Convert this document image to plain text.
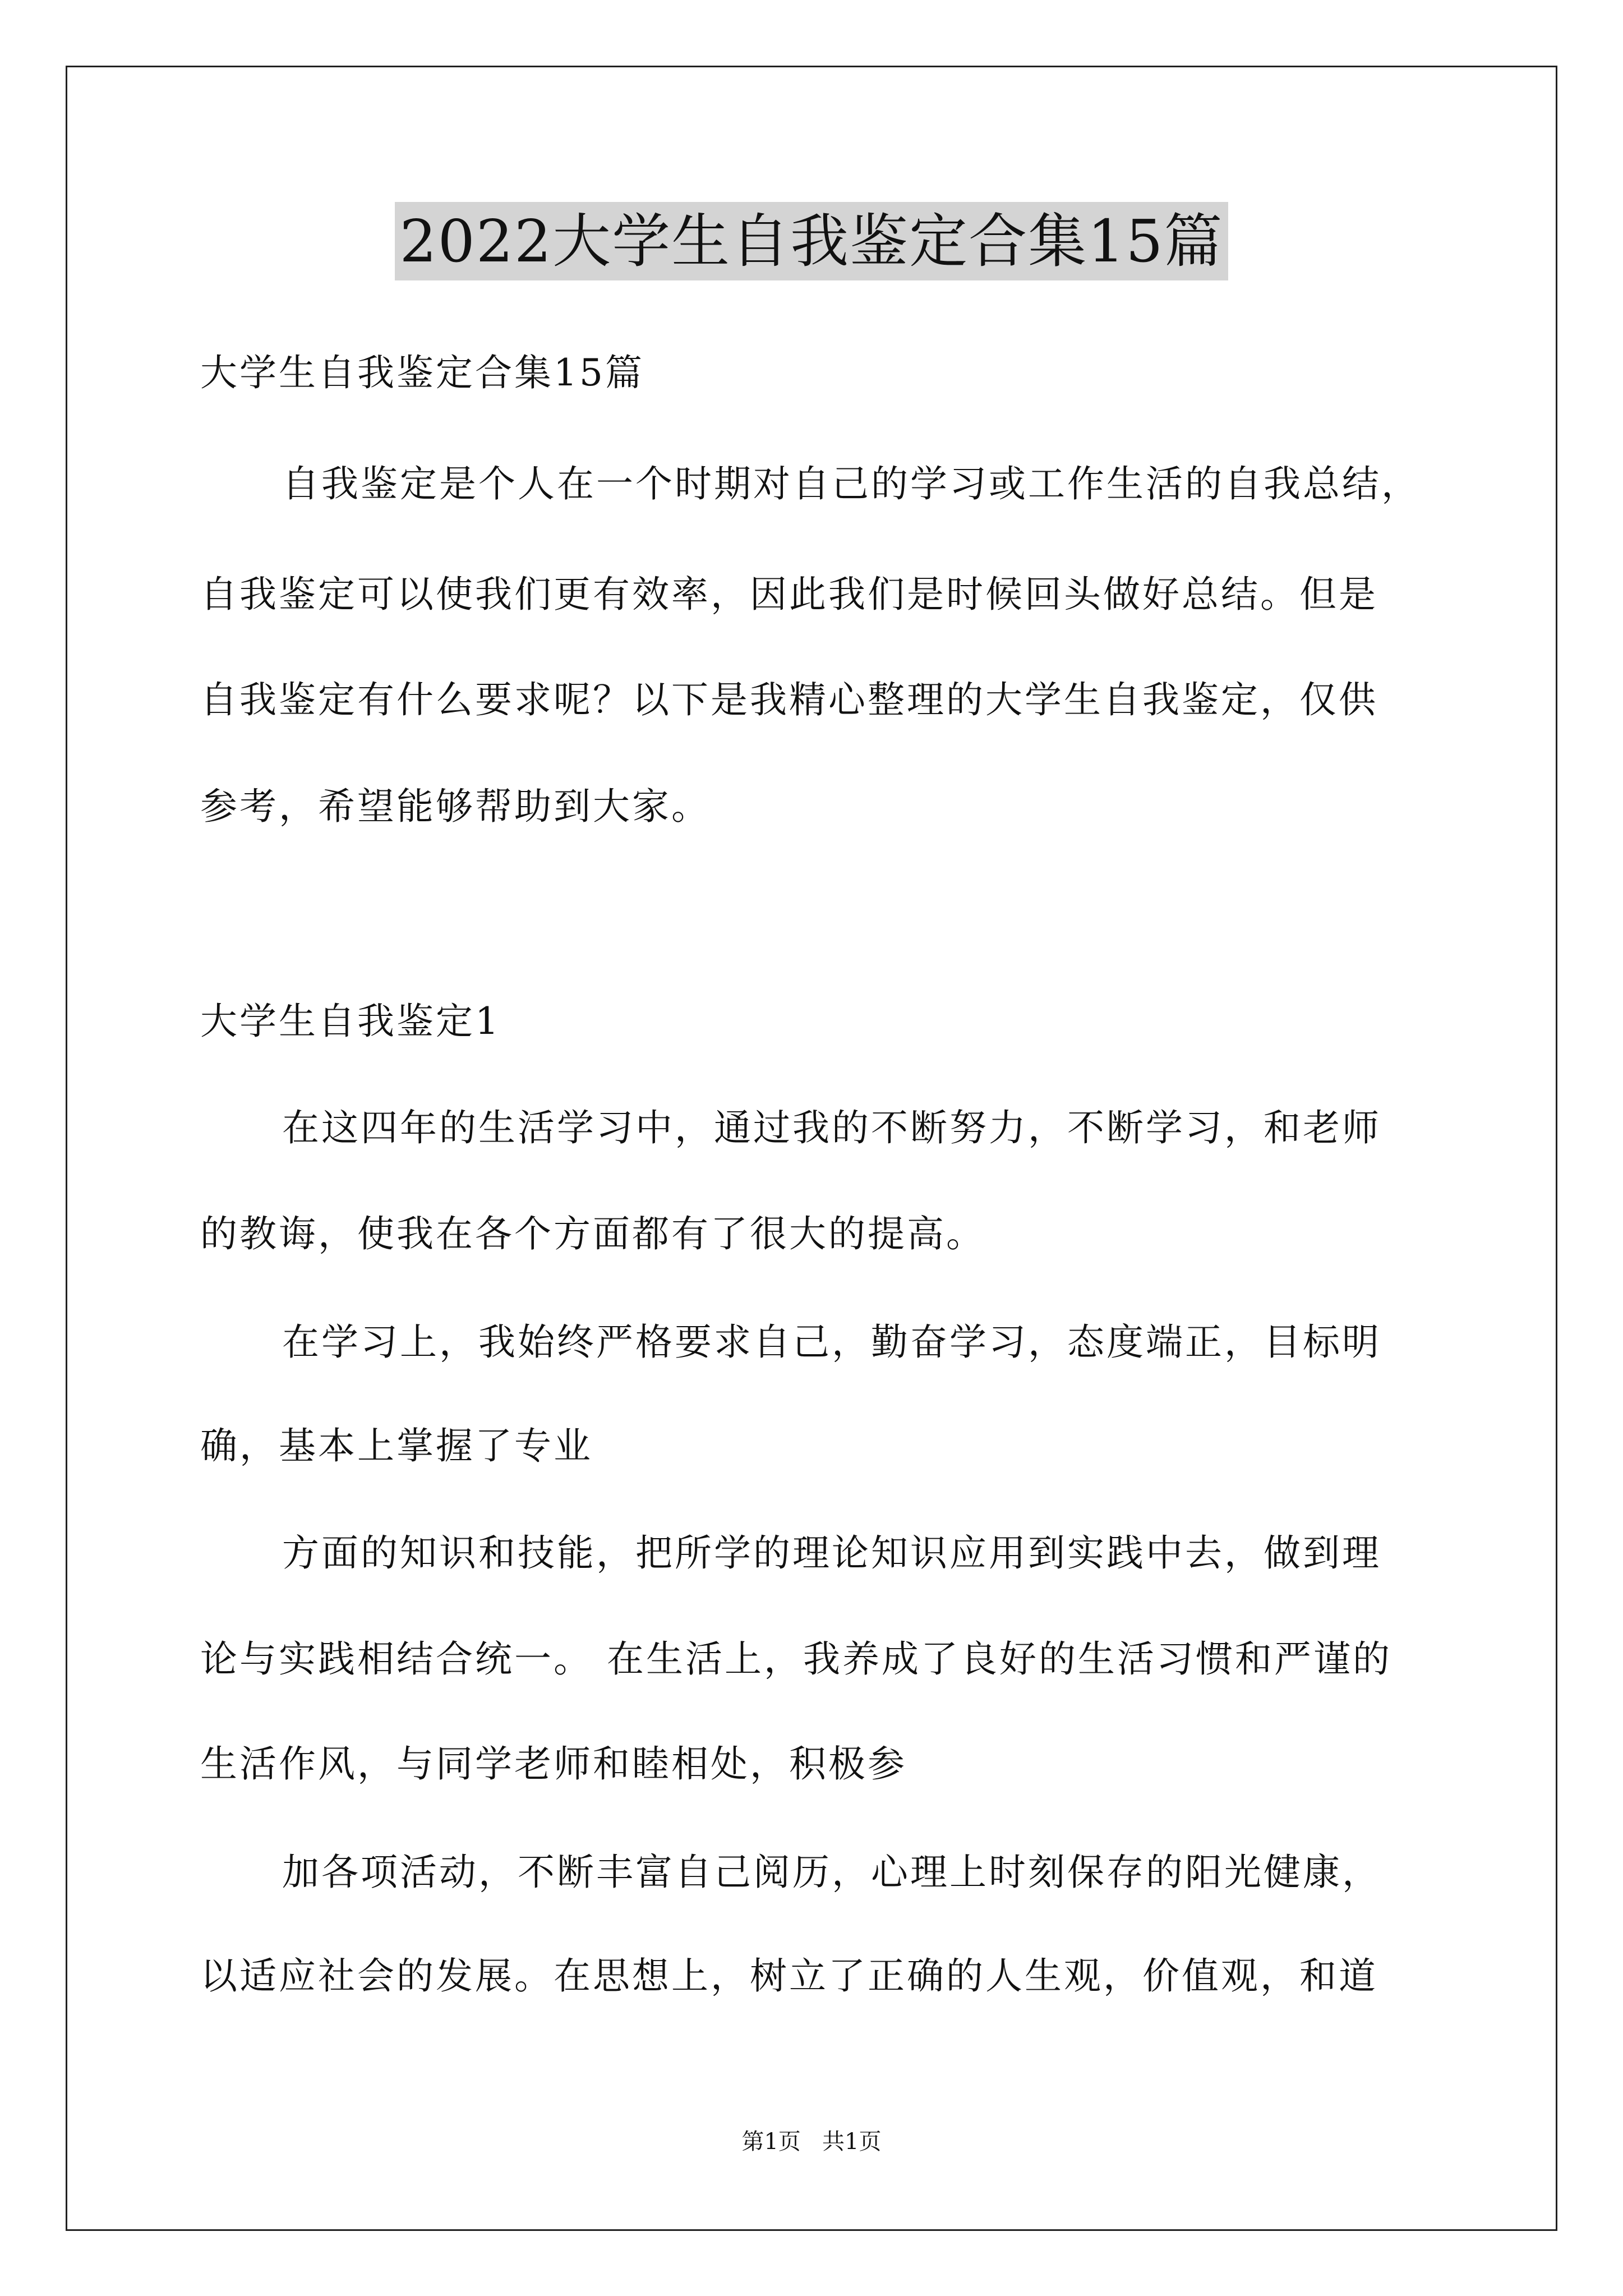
2022大学生自我鉴定合集15篇
大学生自我鉴定合集15篇
自我鉴定是个人在一个时期对自己的学习或工作生活的自我总结，
自我鉴定可以使我们更有效率，因此我们是时候回头做好总结。但是
自我鉴定有什么要求呢？以下是我精心整理的大学生自我鉴定，仅供
参考，希望能够帮助到大家。
大学生自我鉴定1
在这四年的生活学习中，通过我的不断努力，不断学习，和老师
的教诲，使我在各个方面都有了很大的提高。
在学习上，我始终严格要求自己，勤奋学习，态度端正，目标明
确，基本上掌握了专业
方面的知识和技能，把所学的理论知识应用到实践中去，做到理
论与实践相结合统一。 在生活上，我养成了良好的生活习惯和严谨的
生活作风，与同学老师和睦相处，积极参
加各项活动，不断丰富自己阅历，心理上时刻保存的阳光健康，
以适应社会的发展。在思想上，树立了正确的人生观，价值观，和道
第1页   共1页
